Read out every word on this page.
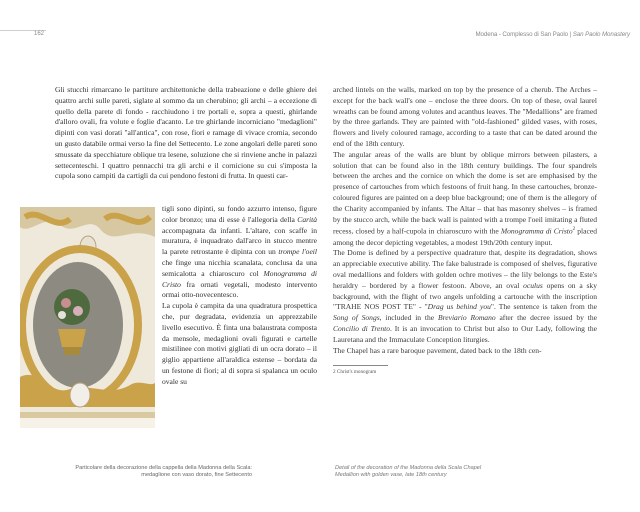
162	Modena - Complesso di San Paolo | San Paolo Monastery

Gli stucchi rimarcano le partiture architettoniche della trabeazione e delle ghiere dei quattro archi sulle pareti, siglate al sommo da un cherubino; gli archi – a eccezione di quello della parete di fondo - racchiudono i tre portali e, sopra a questi, ghirlande d'alloro ovali, fra volute e foglie d'acanto. Le tre ghirlande incorniciano "medaglioni" dipinti con vasi dorati "all'antica", con rose, fiori e ramage di vivace cromia, secondo un gusto databile ormai verso la fine del Settecento. Le zone angolari delle pareti sono smussate da specchiature oblique tra lesene, soluzione che si rinviene anche in palazzi settecenteschi. I quattro pennacchi tra gli archi e il cornicione su cui s'imposta la cupola sono campiti da cartigli da cui pendono festoni di frutta. In questi car-

tigli sono dipinti, su fondo azzurro intenso, figure color bronzo; una di esse è l'allegoria della Carità accompagnata da infanti. L'altare, con scaffe in muratura, è inquadrato dall'arco in stucco mentre la parete retrostante è dipinta con un trompe l'oeil che finge una nicchia scanalata, conclusa da una semicalotta a chiaroscuro col Monogramma di Cristo fra ornati vegetali, modesto intervento ormai otto-novecentesco.

La cupola è campita da una quadratura prospettica che, pur degradata, evidenzia un apprezzabile livello esecutivo. È finta una balaustrata composta da mensole, medaglioni ovali figurati e cartelle mistilinee con motivi gigliati di un ocra dorato – il giglio appartiene all'araldica estense – bordata da un festone di fiori; al di sopra si spalanca un oculo ovale su

arched lintels on the walls, marked on top by the presence of a cherub. The Arches – except for the back wall's one – enclose the three doors. On top of these, oval laurel wreaths can be found among volutes and acanthus leaves. The "Medallions" are framed by the three garlands. They are painted with "old-fashioned" gilded vases, with roses, flowers and lively coloured ramage, according to a taste that can be dated around the end of the 18th century.

The angular areas of the walls are blunt by oblique mirrors between pilasters, a solution that can be found also in the 18th century buildings. The four spandrels between the arches and the cornice on which the dome is set are emphasised by the presence of cartouches from which festoons of fruit hang. In these cartouches, bronze-coloured figures are painted on a deep blue background; one of them is the allegory of the Charity accompanied by infants. The Altar – that has masonry shelves – is framed by the stucco arch, while the back wall is painted with a trompe l'oeil imitating a fluted recess, closed by a half-cupola in chiaroscuro with the Monogramma di Cristo$^2$ placed among the decor depicting vegetables, a modest 19th/20th century input.

The Dome is defined by a perspective quadrature that, despite its degradation, shows an appreciable executive ability. The fake balustrade is composed of shelves, figurative oval medallions and folders with golden ochre motives – the lily belongs to the Este's heraldry – bordered by a flower festoon. Above, an oval oculus opens on a sky background, with the flight of two angels unfolding a cartouche with the inscription "TRAHE NOS POST TE" - "Drag us behind you". The sentence is taken from the Song of Songs, included in the Breviario Romano after the decree issued by the Concilio di Trento. It is an invocation to Christ but also to Our Lady, following the Lauretana and the Immaculate Conception liturgies.

The Chapel has a rare baroque pavement, dated back to the 18th cen-

2 Christ's monogram
Particolare della decorazione della cappella della Madonna della Scala:
medaglione con vaso dorato, fine Settecento
Detail of the decoration of the Madonna della Scala Chapel
Medallion with golden vase, late 18th century
